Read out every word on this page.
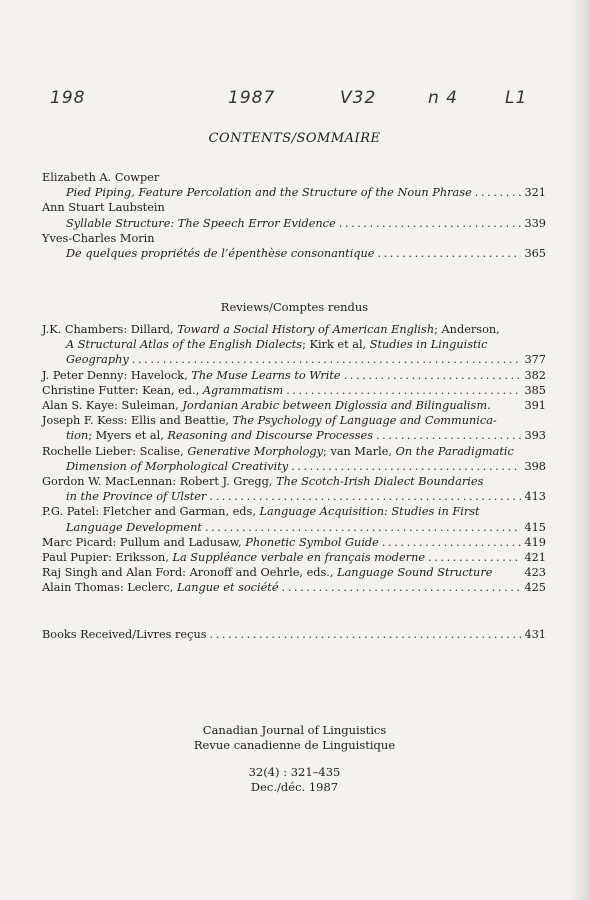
198	1987	V32	n 4	L1
CONTENTS/SOMMAIRE
Elizabeth A. Cowper
Pied Piping, Feature Percolation and the Structure of the Noun Phrase . . .	321
Ann Stuart Laubstein
Syllable Structure: The Speech Error Evidence . . .	339
Yves-Charles Morin
De quelques propriétés de l’épenthèse consonantique . . .	365
Reviews/Comptes rendus
J.K. Chambers: Dillard, Toward a Social History of American English; Anderson,
A Structural Atlas of the English Dialects; Kirk et al, Studies in Linguistic
Geography . . .	377
J. Peter Denny: Havelock, The Muse Learns to Write . . .	382
Christine Futter: Kean, ed., Agrammatism . . .	385
Alan S. Kaye: Suleiman, Jordanian Arabic between Diglossia and Bilingualism .	391
Joseph F. Kess: Ellis and Beattie, The Psychology of Language and Communica-
tion ; Myers et al, Reasoning and Discourse Processes . . .	393
Rochelle Lieber: Scalise, Generative Morphology; van Marle, On the Paradigmatic
Dimension of Morphological Creativity . . .	398
Gordon W. MacLennan: Robert J. Gregg, The Scotch-Irish Dialect Boundaries
in the Province of Ulster . . .	413
P.G. Patel: Fletcher and Garman, eds, Language Acquisition: Studies in First
Language Development . . .	415
Marc Picard: Pullum and Ladusaw, Phonetic Symbol Guide . . .	419
Paul Pupier: Eriksson, La Suppléance verbale en français moderne . . .	421
Raj Singh and Alan Ford: Aronoff and Oehrle, eds., Language Sound Structure	423
Alain Thomas: Leclerc, Langue et société . . .	425
Books Received/Livres reçus . . .	431
Canadian Journal of Linguistics
Revue canadienne de Linguistique
32(4) : 321–435
Dec./déc. 1987
